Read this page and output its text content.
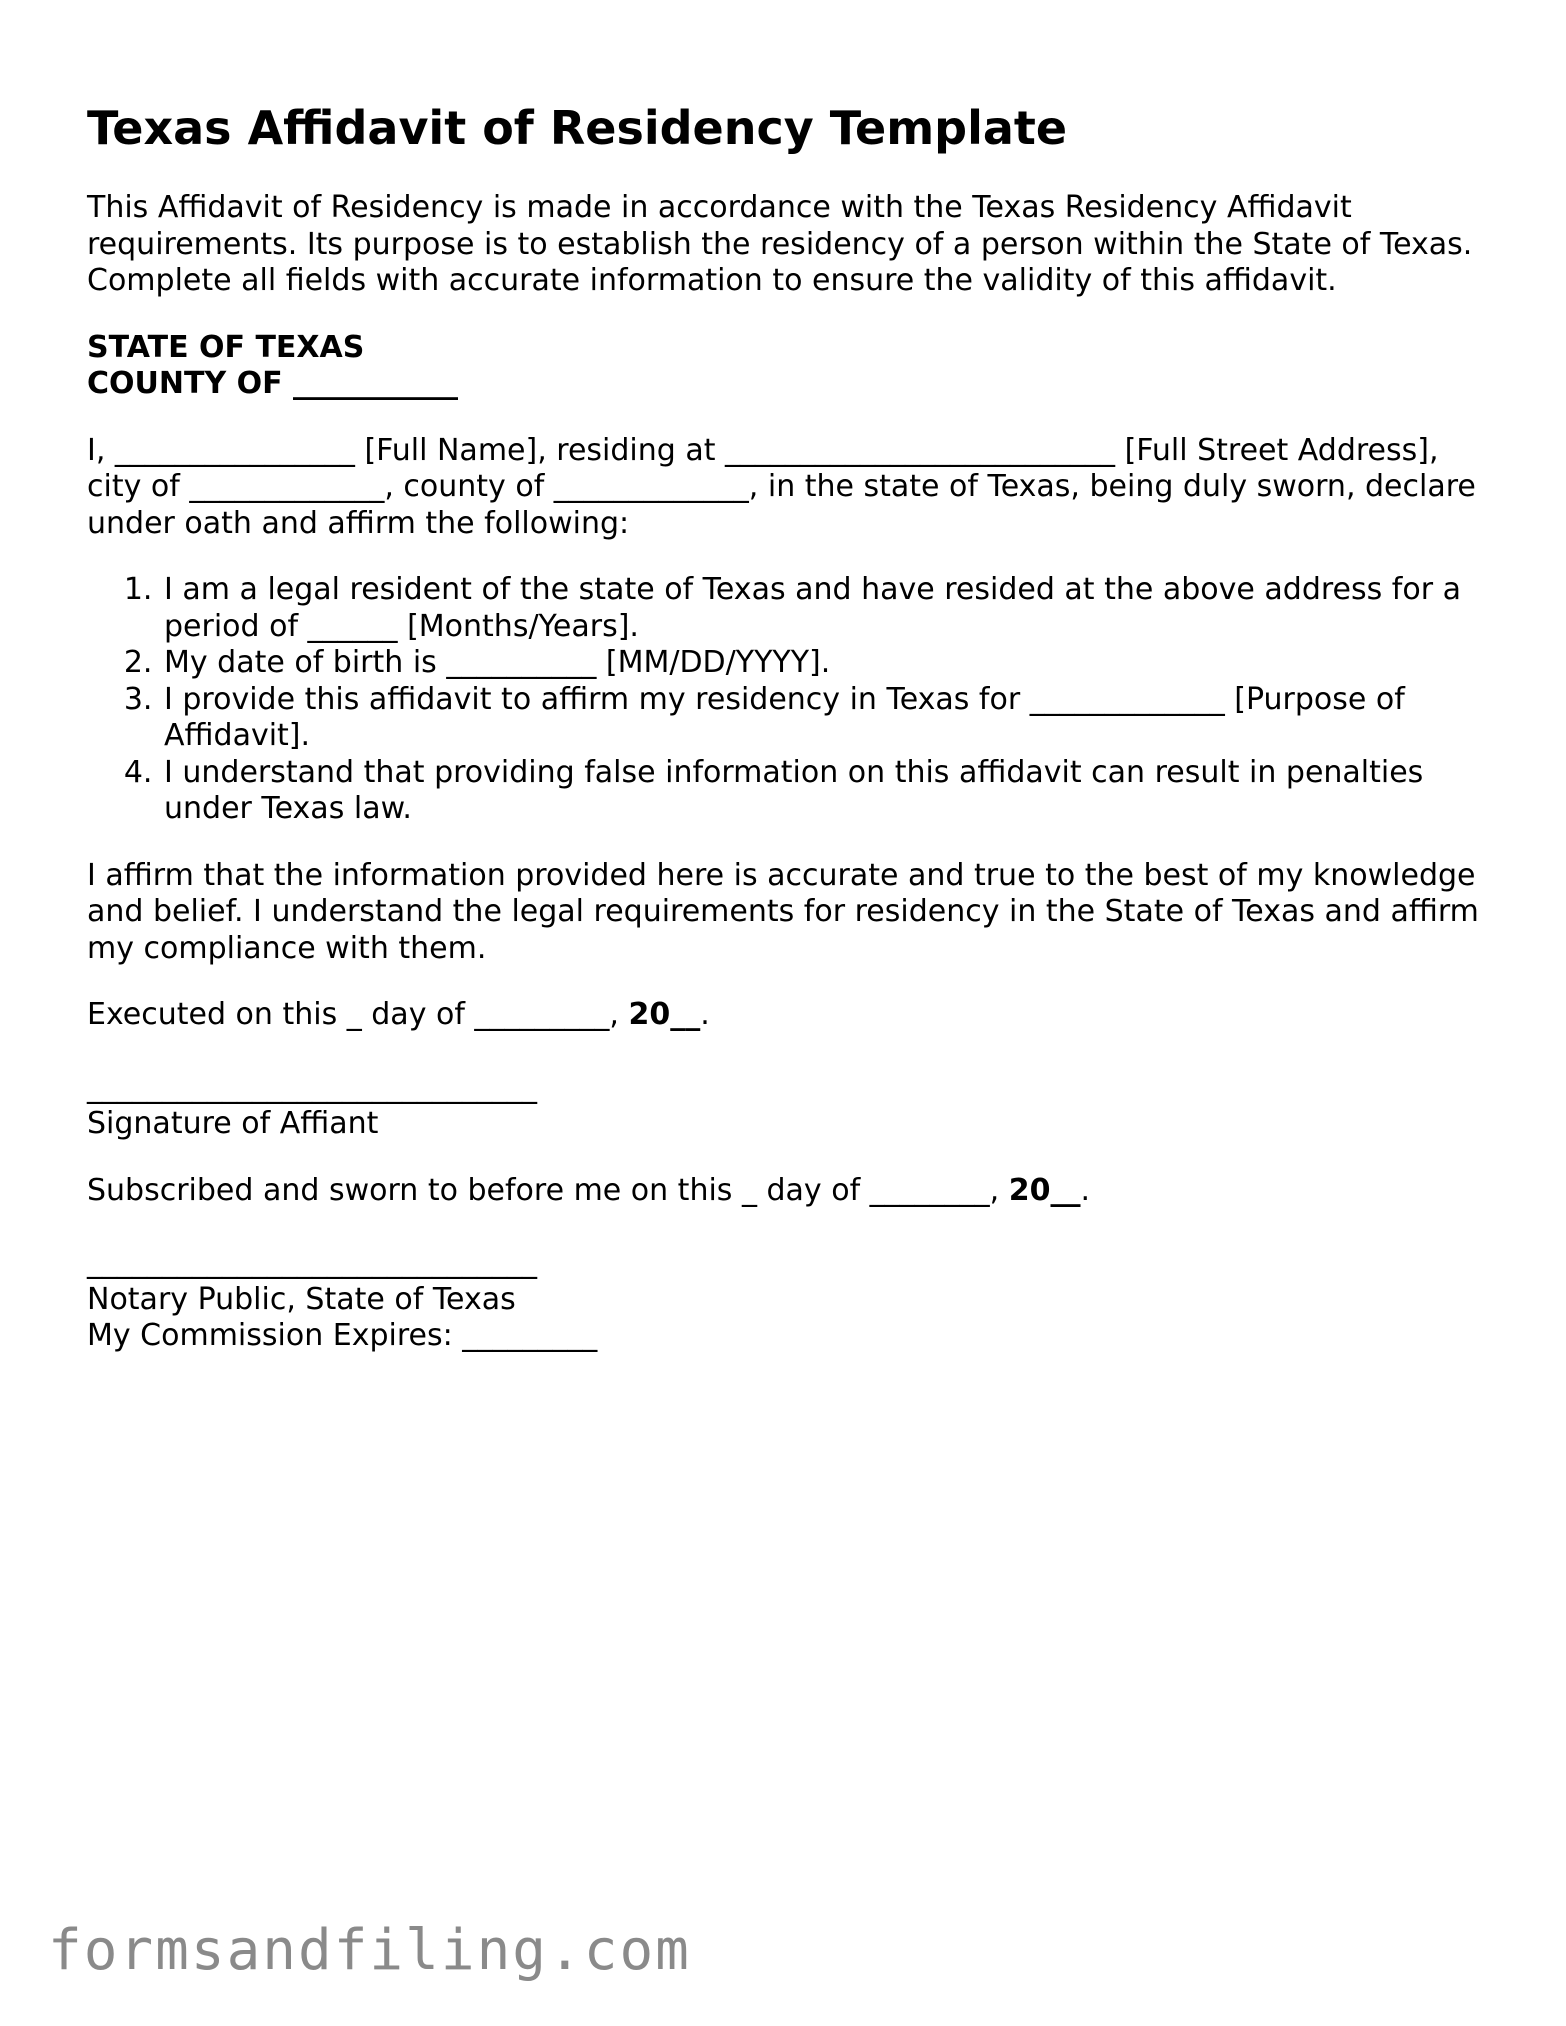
Texas Affidavit of Residency Template

This Affidavit of Residency is made in accordance with the Texas Residency Affidavit requirements. Its purpose is to establish the residency of a person within the State of Texas. Complete all fields with accurate information to ensure the validity of this affidavit.

STATE OF TEXAS
COUNTY OF ___________

I, ________________ [Full Name], residing at __________________________ [Full Street Address], city of _____________, county of _____________, in the state of Texas, being duly sworn, declare under oath and affirm the following:

1. I am a legal resident of the state of Texas and have resided at the above address for a period of ______ [Months/Years].
2. My date of birth is __________ [MM/DD/YYYY].
3. I provide this affidavit to affirm my residency in Texas for _____________ [Purpose of Affidavit].
4. I understand that providing false information on this affidavit can result in penalties under Texas law.

I affirm that the information provided here is accurate and true to the best of my knowledge and belief. I understand the legal requirements for residency in the State of Texas and affirm my compliance with them.

Executed on this _ day of _________, 20__.

______________________________
Signature of Affiant

Subscribed and sworn to before me on this _ day of ________, 20__.

______________________________
Notary Public, State of Texas
My Commission Expires: _________
formsandfiling.com
